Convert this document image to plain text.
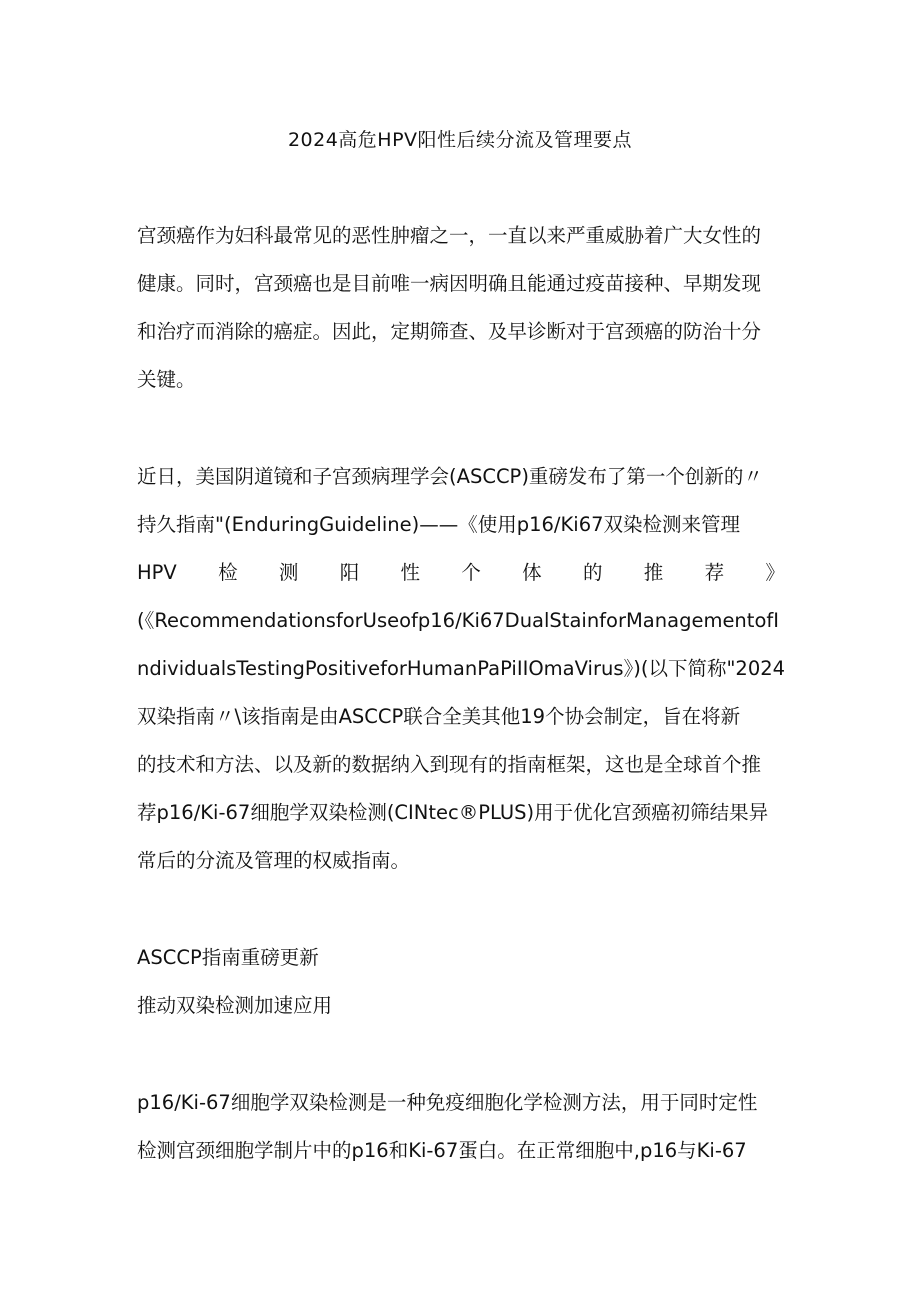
2024高危HPV阳性后续分流及管理要点
宫颈癌作为妇科最常见的恶性肿瘤之一，一直以来严重威胁着广大女性的
健康。同时，宫颈癌也是目前唯一病因明确且能通过疫苗接种、早期发现
和治疗而消除的癌症。因此，定期筛查、及早诊断对于宫颈癌的防治十分
关键。
近日，美国阴道镜和子宫颈病理学会(ASCCP)重磅发布了第一个创新的〃
持久指南"(EnduringGuideline)——《使用p16∕Ki67双染检测来管理
HPV 检 测 阳 性 个 体 的 推 荐 》
(《RecommendationsforUseofp16∕Ki67DualStainforManagementofI
ndividualsTestingPositiveforHumanPaPiIIOmaVirus》)(以下简称"2024
双染指南〃\该指南是由ASCCP联合全美其他19个协会制定，旨在将新
的技术和方法、以及新的数据纳入到现有的指南框架，这也是全球首个推
荐p16∕Ki-67细胞学双染检测(CINtec®PLUS)用于优化宫颈癌初筛结果异
常后的分流及管理的权威指南。
ASCCP指南重磅更新
推动双染检测加速应用
p16∕Ki-67细胞学双染检测是一种免疫细胞化学检测方法，用于同时定性
检测宫颈细胞学制片中的p16和Ki-67蛋白。在正常细胞中,p16与Ki-67
